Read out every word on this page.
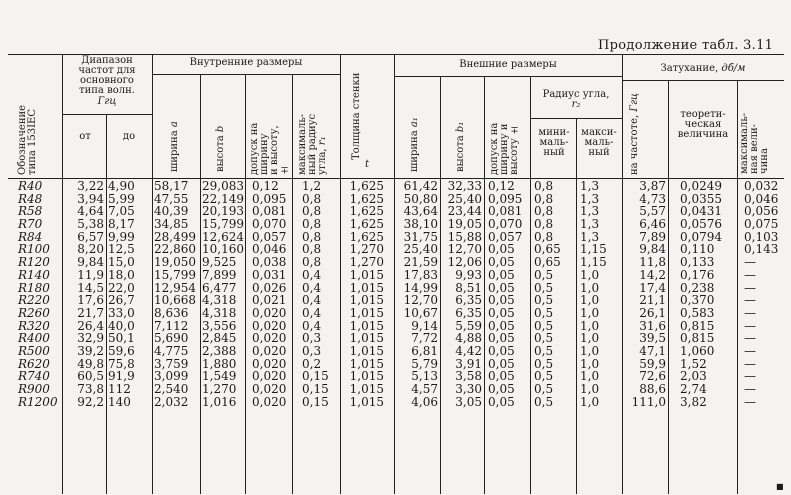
Продолжение табл. 3.11
Обозначение
типа 153IEC
Диапазон
частот для
основного
типа волн.
Ггц
от	до
Внутренние размеры
ширина a
высота b
допуск на
ширину
и высоту,
± максималь-
ный радиус
угла, r₁ Толщина стенки
t
Внешние размеры
ширина a₁
высота b₁
допуск на
ширину и
высоту ±
Радиус угла,
r₂
мини-
маль-
ный
макси-
маль-
ный
Затухание, дб/м
на частоте, Ггц
теорети-
ческая
величина	максималь-
ная вели-
чина
R40
R48
R58
R70
R84
R100
R120
R140
R180
R220
R260
R320
R400
R500
R620
R740
R900
R1200
3,22
3,94
4,64
5,38
6,57
8,20
9,84
11,9
14,5
17,6
21,7
26,4
32,9
39,2
49,8
60,5
73,8
92,2
4,90
5,99
7,05
8,17
9,99
12,5
15,0
18,0
22,0
26,7
33,0
40,0
50,1
59,6
75,8
91,9
112
140
58,17
47,55
40,39
34,85
28,499
22,860
19,050
15,799
12,954
10,668
8,636
7,112
5,690
4,775
3,759
3,099
2,540
2,032
29,083
22,149
20,193
15,799
12,624
10,160
9,525
7,899
6,477
4,318
4,318
3,556
2,845
2,388
1,880
1,549
1,270
1,016
0,12
0,095
0,081
0,070
0,057
0,046
0,038
0,031
0,026
0,021
0,020
0,020
0,020
0,020
0,020
0,020
0,020
0,020
1,2
0,8
0,8
0,8
0,8
0,8
0,8
0,4
0,4
0,4
0,4
0,4
0,3
0,3
0,2
0,15
0,15
0,15
1,625
1,625
1,625
1,625
1,625
1,270
1,270
1,015
1,015
1,015
1,015
1,015
1,015
1,015
1,015
1,015
1,015
1,015
61,42
50,80
43,64
38,10
31,75
25,40
21,59
17,83
14,99
12,70
10,67
9,14
7,72
6,81
5,79
5,13
4,57
4,06
32,33
25,40
23,44
19,05
15,88
12,70
12,06
9,93
8,51
6,35
6,35
5,59
4,88
4,42
3,91
3,58
3,30
3,05
0,12
0,095
0,081
0,070
0,057
0,05
0,05
0,05
0,05
0,05
0,05
0,05
0,05
0,05
0,05
0,05
0,05
0,05
0,8
0,8
0,8
0,8
0,8
0,65
0,65
0,5
0,5
0,5
0,5
0,5
0,5
0,5
0,5
0,5
0,5
0,5
1,3
1,3
1,3
1,3
1,3
1,15
1,15
1,0
1,0
1,0
1,0
1,0
1,0
1,0
1,0
1,0
1,0
1,0
3,87
4,73
5,57
6,46
7,89
9,84
11,8
14,2
17,4
21,1
26,1
31,6
39,5
47,1
59,9
72,6
88,6
111,0
0,0249
0,0355
0,0431
0,0576
0,0794
0,110
0,133
0,176
0,238
0,370
0,583
0,815
0,815
1,060
1,52
2,03
2,74
3,82
0,032
0,046
0,056
0,075
0,103
0,143
—
—
—
—
—
—
—
—
—
—
—
—
■
